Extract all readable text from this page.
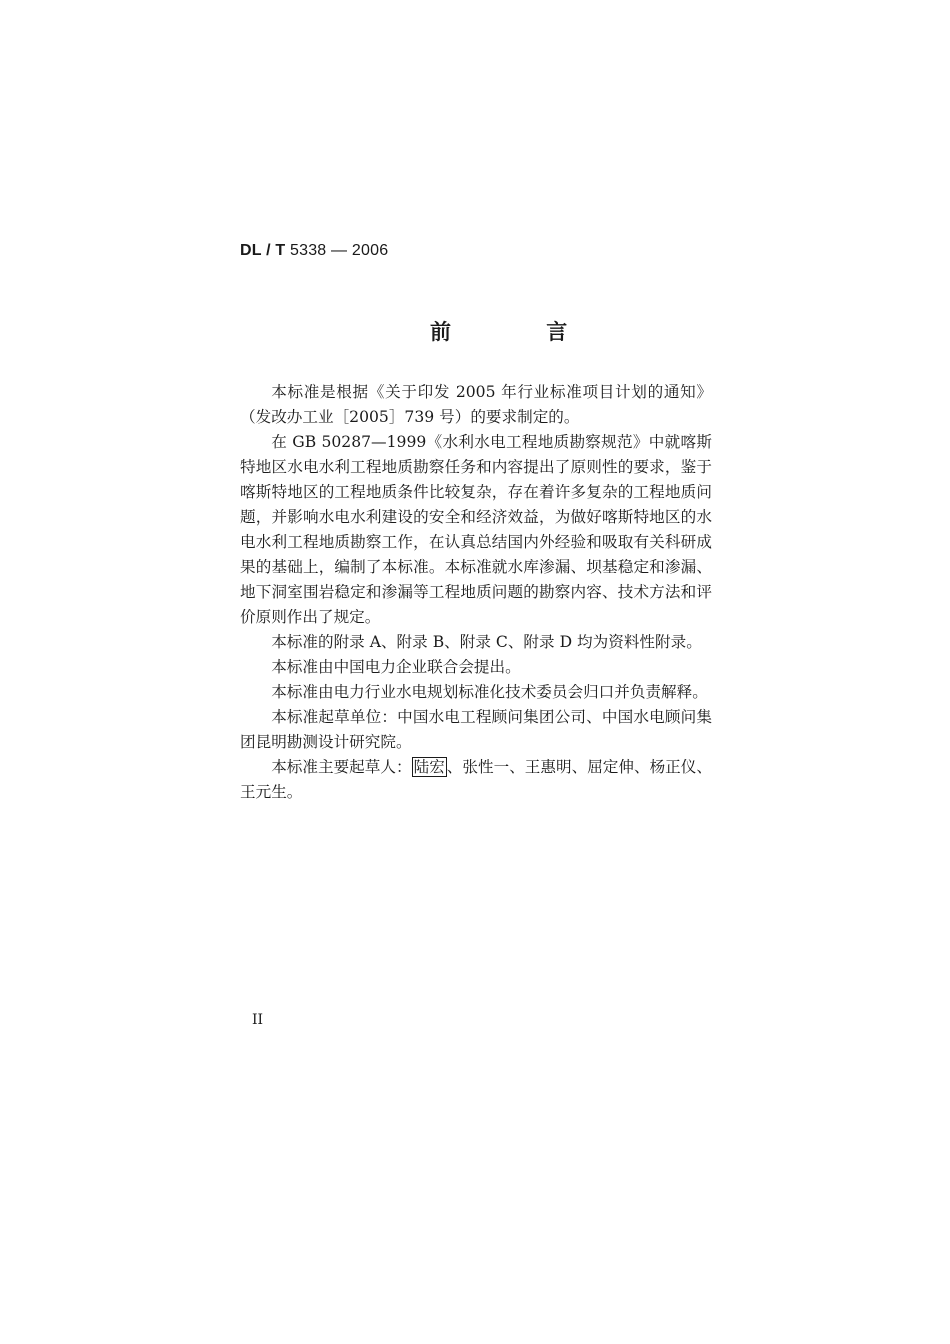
DL / T 5338 — 2006
前 言

本标准是根据《关于印发 2005 年行业标准项目计划的通知》（发改办工业［2005］739 号）的要求制定的。

在 GB 50287—1999《水利水电工程地质勘察规范》中就喀斯特地区水电水利工程地质勘察任务和内容提出了原则性的要求，鉴于喀斯特地区的工程地质条件比较复杂，存在着许多复杂的工程地质问题，并影响水电水利建设的安全和经济效益，为做好喀斯特地区的水电水利工程地质勘察工作，在认真总结国内外经验和吸取有关科研成果的基础上，编制了本标准。本标准就水库渗漏、坝基稳定和渗漏、地下洞室围岩稳定和渗漏等工程地质问题的勘察内容、技术方法和评价原则作出了规定。

本标准的附录 A、附录 B、附录 C、附录 D 均为资料性附录。

本标准由中国电力企业联合会提出。

本标准由电力行业水电规划标准化技术委员会归口并负责解释。

本标准起草单位：中国水电工程顾问集团公司、中国水电顾问集团昆明勘测设计研究院。

本标准主要起草人： 陆宏 、张性一、王惠明、屈定伸、杨正仪、王元生。

II
